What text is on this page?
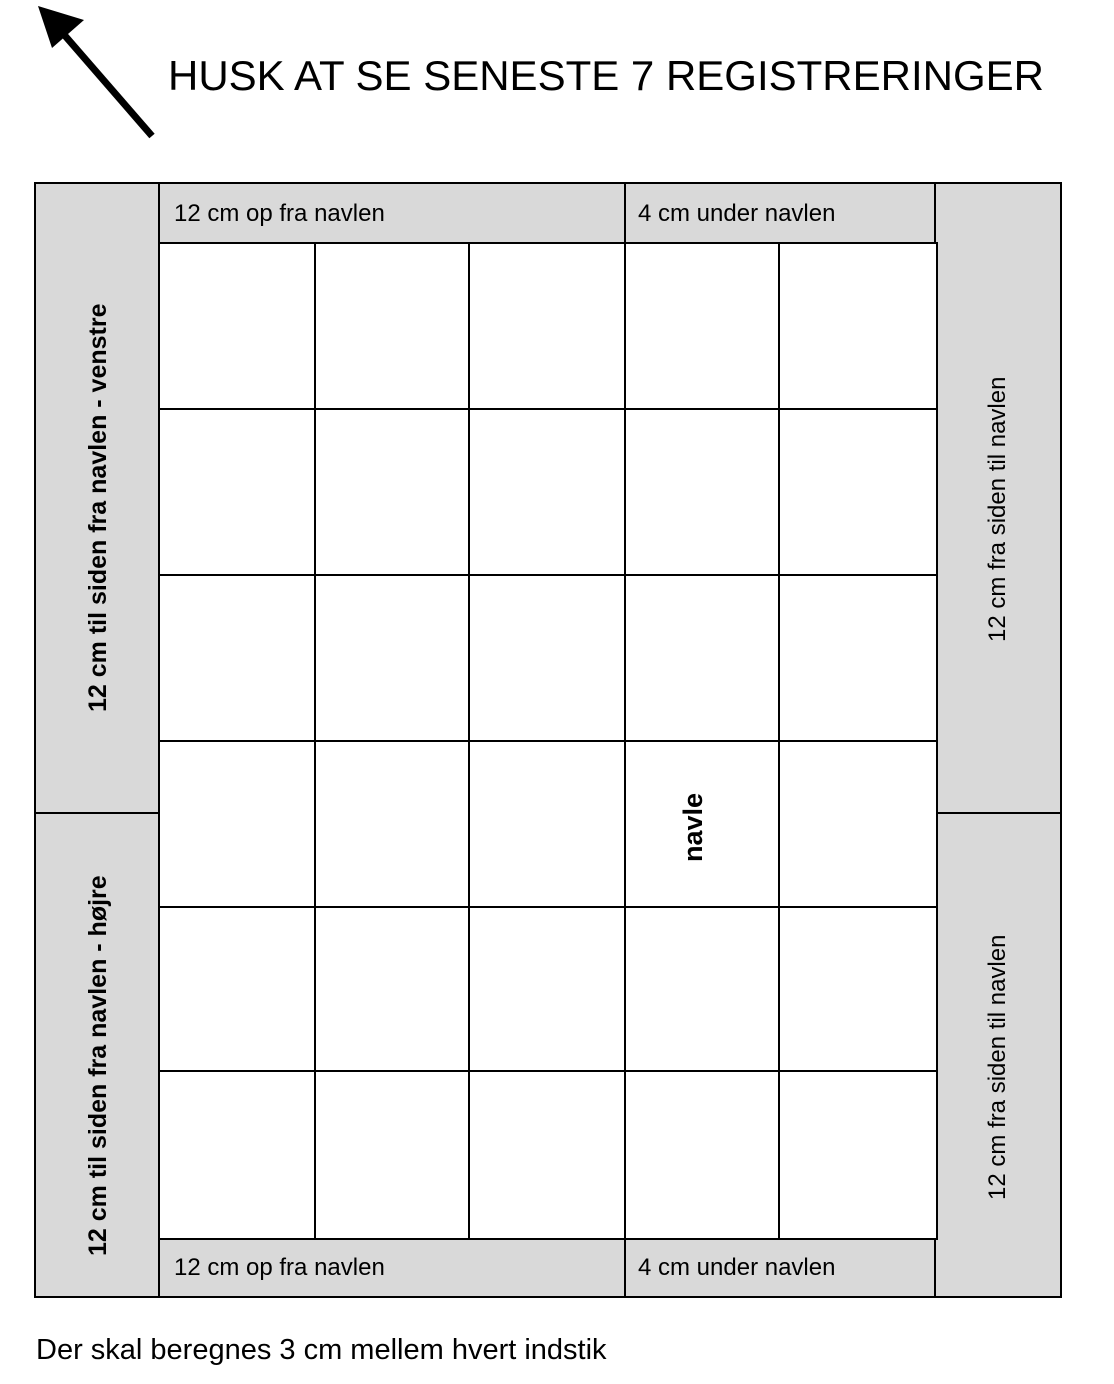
HUSK AT SE SENESTE 7 REGISTRERINGER
12 cm op fra navlen	4 cm under navlen
12 cm op fra navlen	4 cm under navlen
12 cm til siden fra navlen - venstre
12 cm til siden fra navlen - højre
12 cm fra siden til navlen
12 cm fra siden til navlen
navle
Der skal beregnes 3 cm mellem hvert indstik
